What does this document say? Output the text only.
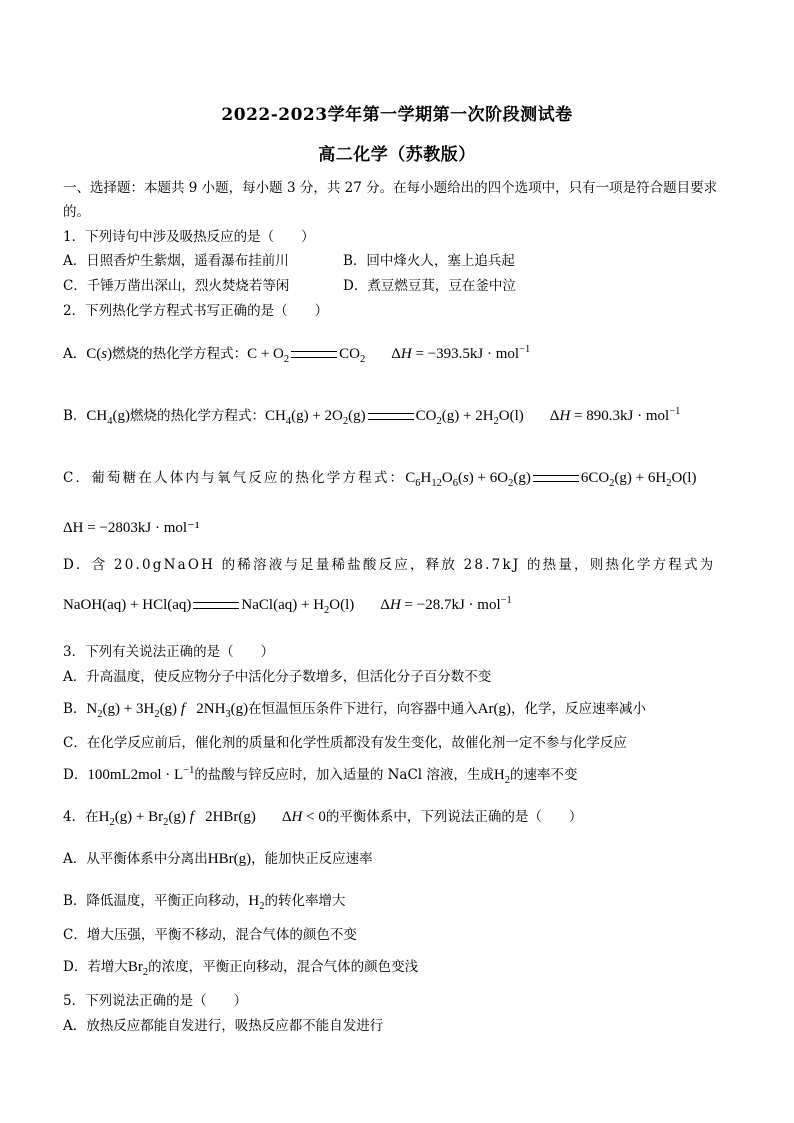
2022-2023学年第一学期第一次阶段测试卷
高二化学（苏教版）
一、选择题：本题共 9 小题，每小题 3 分，共 27 分。在每小题给出的四个选项中，只有一项是符合题目要求
的。
1．下列诗句中涉及吸热反应的是（　　）
A．日照香炉生紫烟，遥看瀑布挂前川	B．回中烽火人，塞上追兵起
C．千锤万凿出深山，烈火焚烧若等闲	D．煮豆燃豆萁，豆在釜中泣
2．下列热化学方程式书写正确的是（　　）
A．C(s)燃烧的热化学方程式：$C + O_2$	$CO_2$ ΔH = −393.5kJ · mol$^{-1}$
B．$CH_4(g)$燃烧的热化学方程式：$CH_4(g) + 2O_2(g)$	$CO_2(g) + 2H_2O(l) \Delta H = 890.3kJ \cdot mol^{-1}$
C．葡萄糖在人体内与氧气反应的热化学方程式：$C_6H_{12}O_6(s) + 6O_2(g)$	$6CO_2(g) + 6H_2O(l)$
ΔH = −2803kJ · mol⁻¹
D．含 20.0gNaOH 的稀溶液与足量稀盐酸反应，释放 28.7kJ 的热量，则热化学方程式为
NaOH(aq) + HCl(aq)	NaCl(aq) + $H_2O(l) \Delta H = -28.7kJ \cdot mol^{-1}$
3．下列有关说法正确的是（　　）
A．升高温度，使反应物分子中活化分子数增多，但活化分子百分数不变
B．$N_2(g) + 3H_2(g)$ f   $2NH_3(g)$在恒温恒压条件下进行，向容器中通入Ar(g)，化学，反应速率减小
C．在化学反应前后，催化剂的质量和化学性质都没有发生变化，故催化剂一定不参与化学反应
D．$100mL2mol \cdot L^{-1}$的盐酸与锌反应时，加入适量的 NaCl 溶液，生成$H_2$的速率不变
4．在$H_2(g) + Br_2(g)$ f   2HBr(g) ΔH < 0的平衡体系中，下列说法正确的是（　　）
A．从平衡体系中分离出HBr(g)，能加快正反应速率
B．降低温度，平衡正向移动，$H_2$的转化率增大
C．增大压强，平衡不移动，混合气体的颜色不变
D．若增大$Br_2$的浓度，平衡正向移动，混合气体的颜色变浅
5．下列说法正确的是（　　）
A．放热反应都能自发进行，吸热反应都不能自发进行
